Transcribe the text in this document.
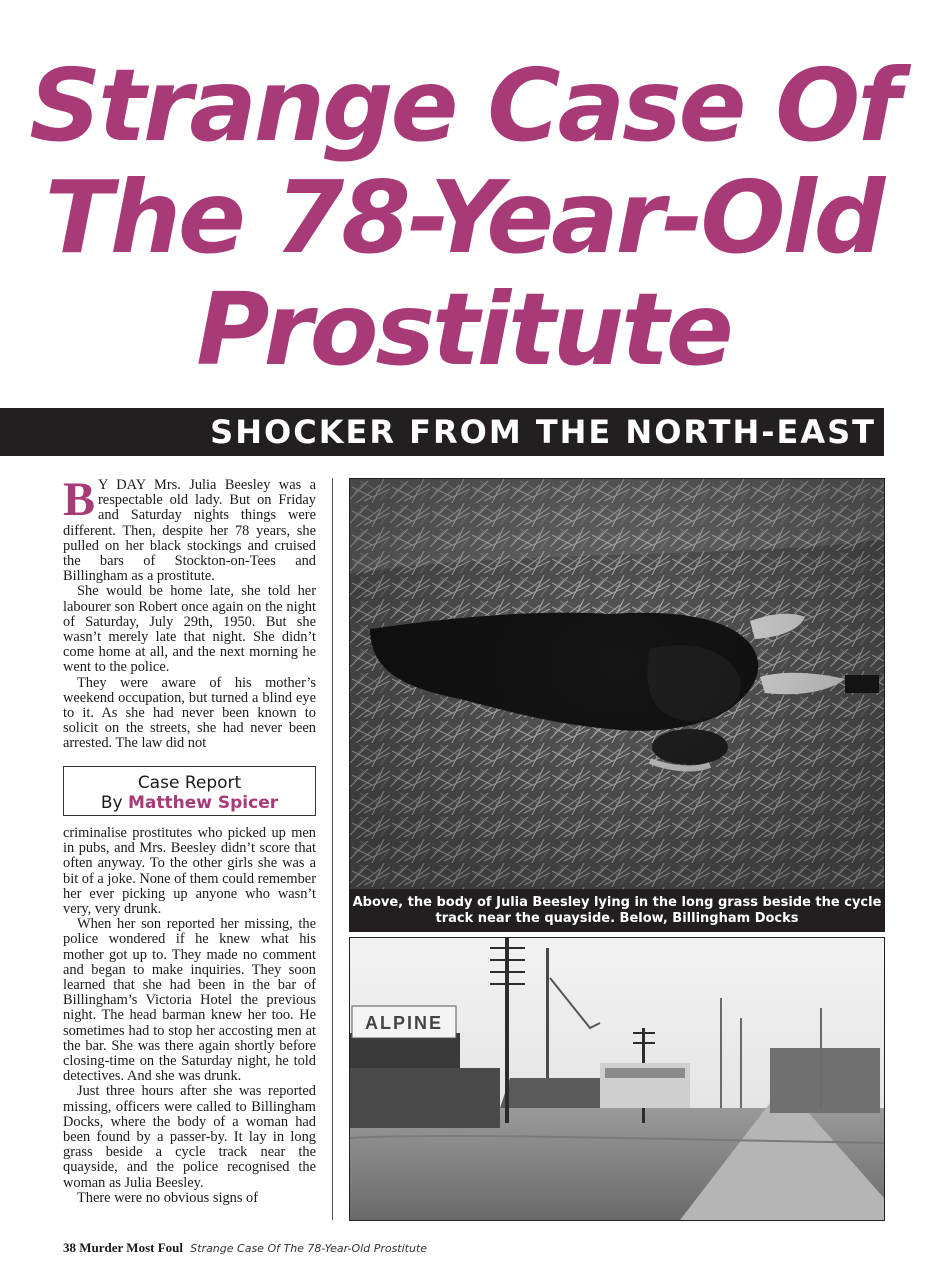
Strange Case Of
The 78-Year-Old
Prostitute
SHOCKER FROM THE NORTH-EAST

B Y DAY Mrs. Julia Beesley was a respectable old lady. But on Friday and Saturday nights things were different. Then, despite her 78 years, she pulled on her black stockings and cruised the bars of Stockton-on-Tees and Billingham as a prostitute.

She would be home late, she told her labourer son Robert once again on the night of Saturday, July 29th, 1950. But she wasn’t merely late that night. She didn’t come home at all, and the next morning he went to the police.

They were aware of his mother’s weekend occupation, but turned a blind eye to it. As she had never been known to solicit on the streets, she had never been arrested. The law did not

Case Report
By Matthew Spicer

criminalise prostitutes who picked up men in pubs, and Mrs. Beesley didn’t score that often anyway. To the other girls she was a bit of a joke. None of them could remember her ever picking up anyone who wasn’t very, very drunk.

When her son reported her missing, the police wondered if he knew what his mother got up to. They made no comment and began to make inquiries. They soon learned that she had been in the bar of Billingham’s Victoria Hotel the previous night. The head barman knew her too. He sometimes had to stop her accosting men at the bar. She was there again shortly before closing-time on the Saturday night, he told detectives. And she was drunk.

Just three hours after she was reported missing, officers were called to Billingham Docks, where the body of a woman had been found by a passer-by. It lay in long grass beside a cycle track near the quayside, and the police recognised the woman as Julia Beesley.

There were no obvious signs of

Above, the body of Julia Beesley lying in the long grass beside the cycle track near the quayside. Below, Billingham Docks
ALPINE
38 Murder Most Foul Strange Case Of The 78-Year-Old Prostitute
